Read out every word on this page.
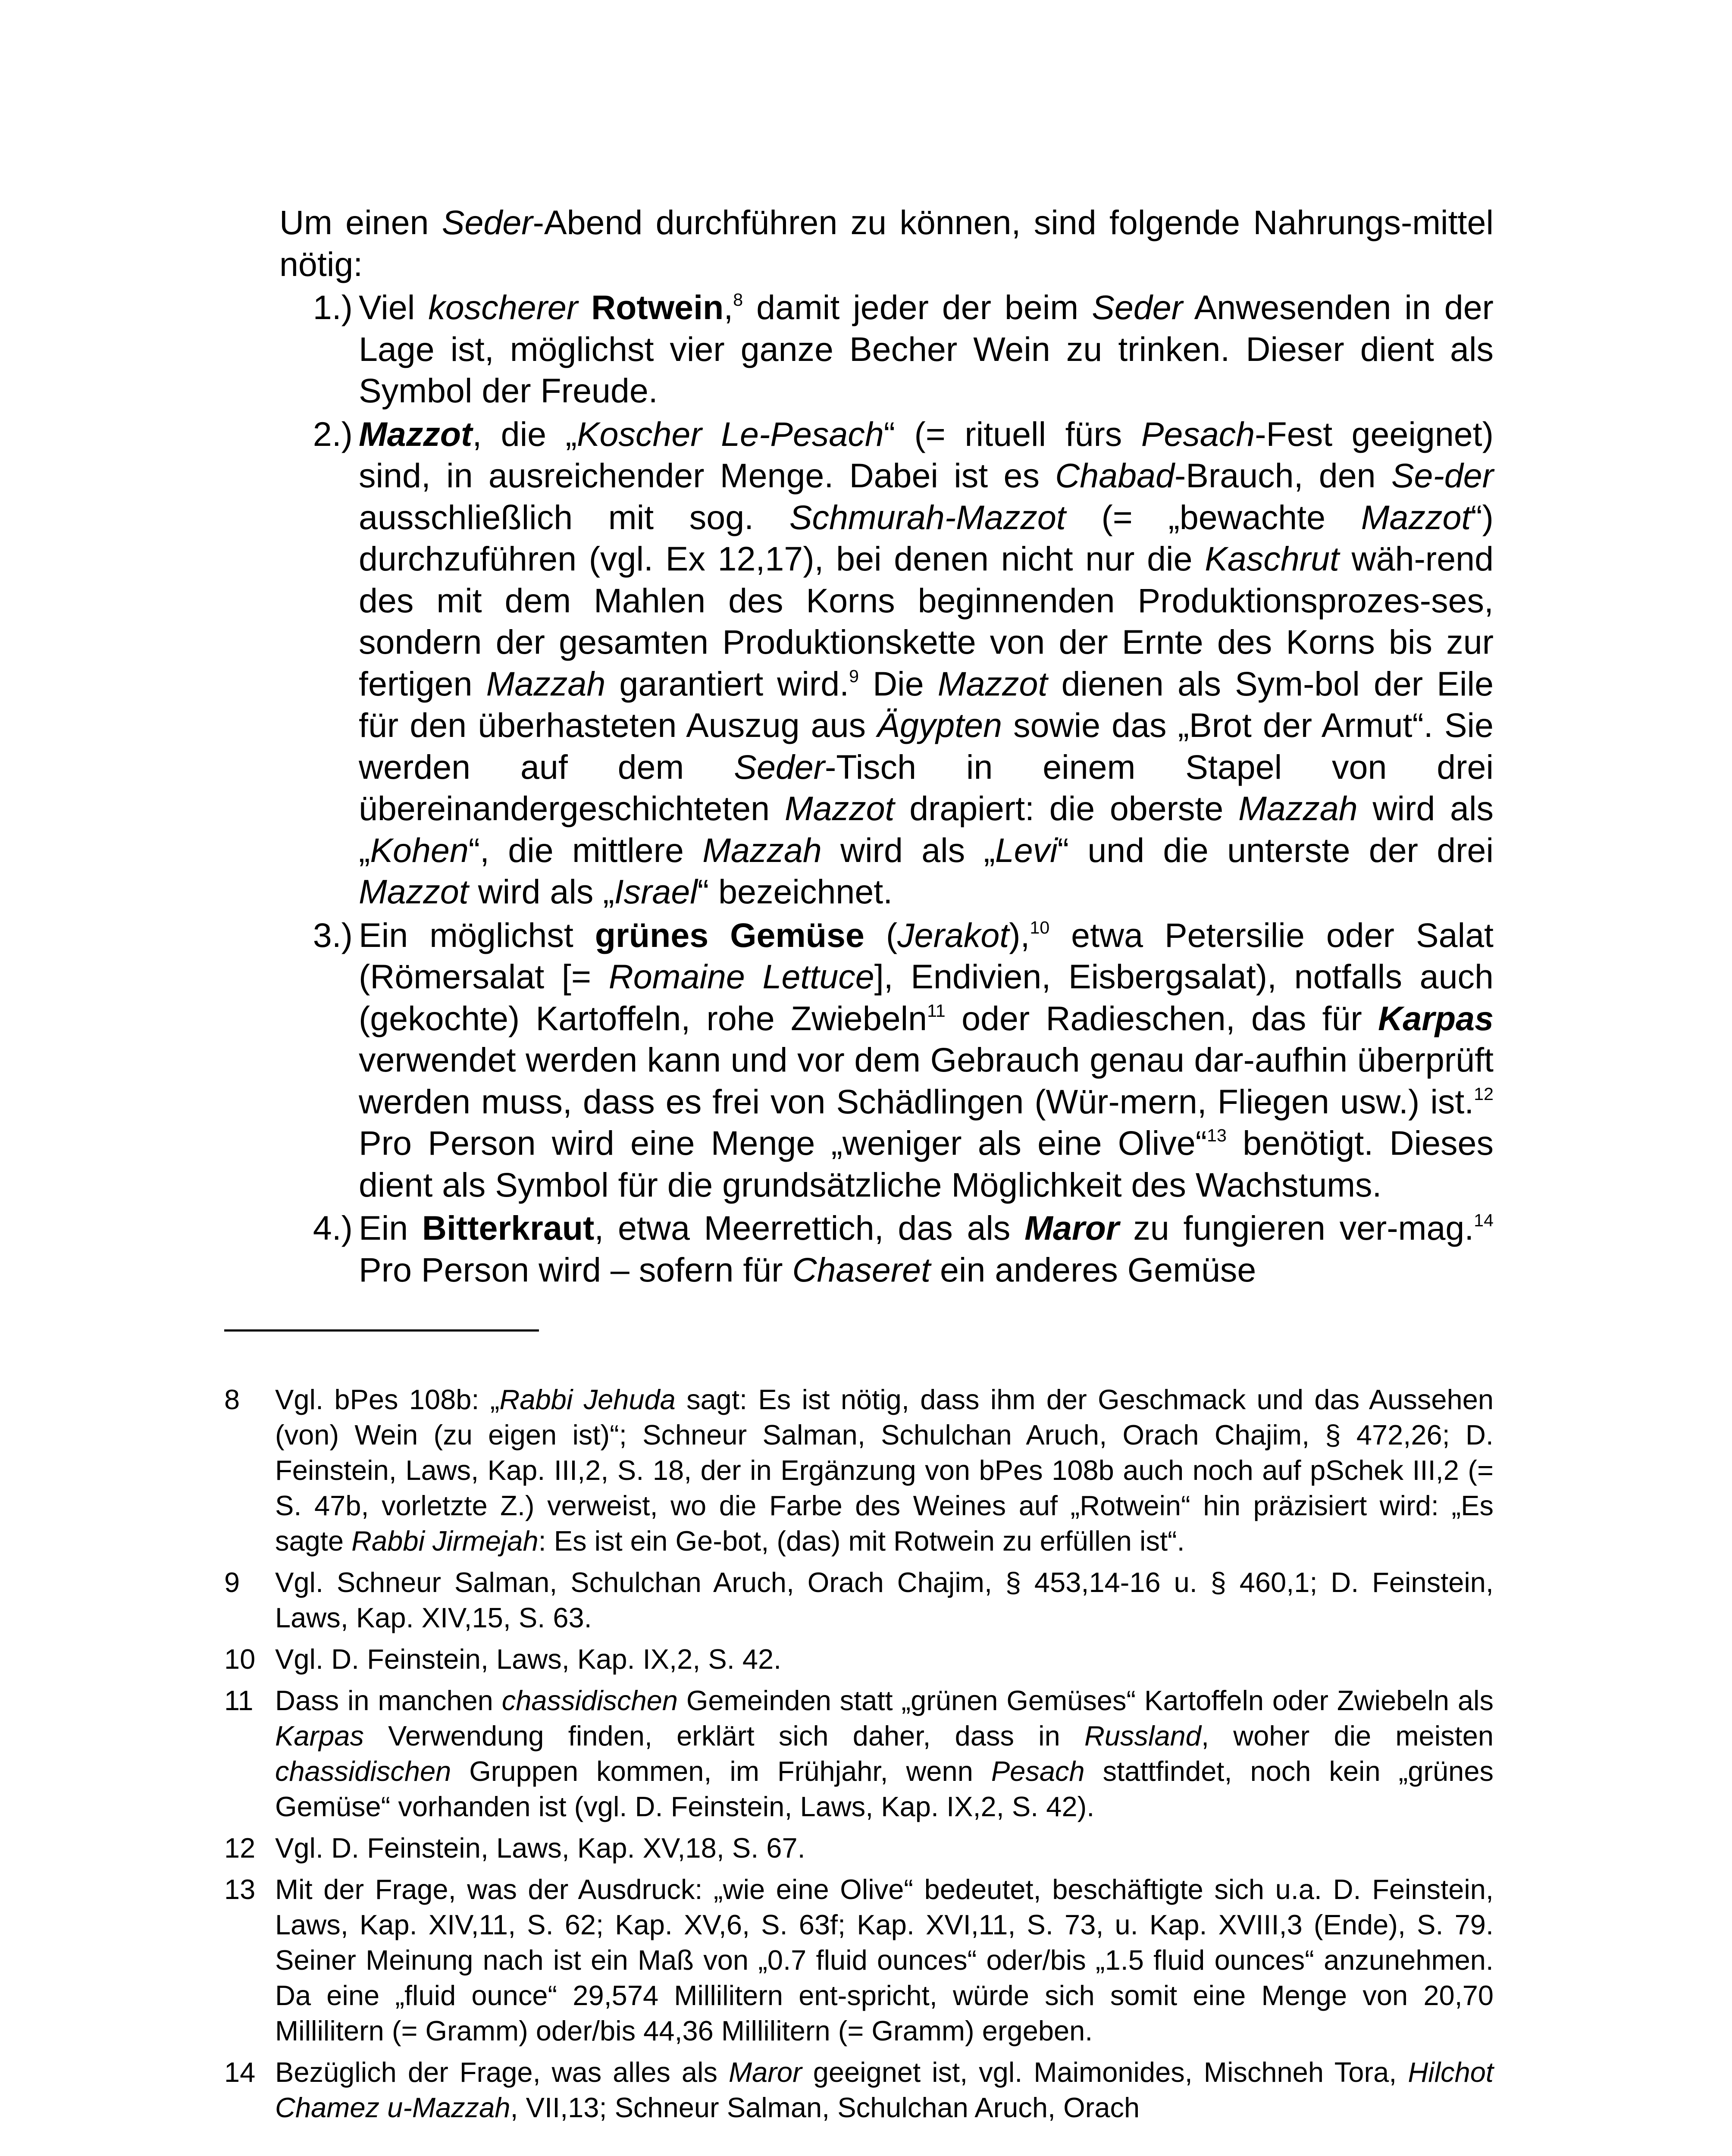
Um einen Seder-Abend durchführen zu können, sind folgende Nahrungs-mittel nötig:

1.) Viel koscherer Rotwein,$^8$ damit jeder der beim Seder Anwesenden in der Lage ist, möglichst vier ganze Becher Wein zu trinken. Dieser dient als Symbol der Freude.
2.) Mazzot, die „Koscher Le-Pesach“ (= rituell fürs Pesach-Fest geeignet) sind, in ausreichender Menge. Dabei ist es Chabad-Brauch, den Se-der ausschließlich mit sog. Schmurah-Mazzot (= „bewachte Mazzot“) durchzuführen (vgl. Ex 12,17), bei denen nicht nur die Kaschrut wäh-rend des mit dem Mahlen des Korns beginnenden Produktionsprozes-ses, sondern der gesamten Produktionskette von der Ernte des Korns bis zur fertigen Mazzah garantiert wird.$^9$ Die Mazzot dienen als Sym-bol der Eile für den überhasteten Auszug aus Ägypten sowie das „Brot der Armut“. Sie werden auf dem Seder-Tisch in einem Stapel von drei übereinandergeschichteten Mazzot drapiert: die oberste Mazzah wird als „Kohen“, die mittlere Mazzah wird als „Levi“ und die unterste der drei Mazzot wird als „Israel“ bezeichnet.
3.) Ein möglichst grünes Gemüse (Jerakot),$^{10}$ etwa Petersilie oder Salat (Römersalat [= Romaine Lettuce], Endivien, Eisbergsalat), notfalls auch (gekochte) Kartoffeln, rohe Zwiebeln$^{11}$ oder Radieschen, das für Karpas verwendet werden kann und vor dem Gebrauch genau dar-aufhin überprüft werden muss, dass es frei von Schädlingen (Wür-mern, Fliegen usw.) ist.$^{12}$ Pro Person wird eine Menge „weniger als eine Olive“$^{13}$ benötigt. Dieses dient als Symbol für die grundsätzliche Möglichkeit des Wachstums.
4.) Ein Bitterkraut, etwa Meerrettich, das als Maror zu fungieren ver-mag.$^{14}$ Pro Person wird – sofern für Chaseret ein anderes Gemüse
8 Vgl. bPes 108b: „Rabbi Jehuda sagt: Es ist nötig, dass ihm der Geschmack und das Aussehen (von) Wein (zu eigen ist)“; Schneur Salman, Schulchan Aruch, Orach Chajim, § 472,26; D. Feinstein, Laws, Kap. III,2, S. 18, der in Ergänzung von bPes 108b auch noch auf pSchek III,2 (= S. 47b, vorletzte Z.) verweist, wo die Farbe des Weines auf „Rotwein“ hin präzisiert wird: „Es sagte Rabbi Jirmejah: Es ist ein Ge-bot, (das) mit Rotwein zu erfüllen ist“.
9 Vgl. Schneur Salman, Schulchan Aruch, Orach Chajim, § 453,14-16 u. § 460,1; D. Feinstein, Laws, Kap. XIV,15, S. 63.
10 Vgl. D. Feinstein, Laws, Kap. IX,2, S. 42.
11 Dass in manchen chassidischen Gemeinden statt „grünen Gemüses“ Kartoffeln oder Zwiebeln als Karpas Verwendung finden, erklärt sich daher, dass in Russland, woher die meisten chassidischen Gruppen kommen, im Frühjahr, wenn Pesach stattfindet, noch kein „grünes Gemüse“ vorhanden ist (vgl. D. Feinstein, Laws, Kap. IX,2, S. 42).
12 Vgl. D. Feinstein, Laws, Kap. XV,18, S. 67.
13 Mit der Frage, was der Ausdruck: „wie eine Olive“ bedeutet, beschäftigte sich u.a. D. Feinstein, Laws, Kap. XIV,11, S. 62; Kap. XV,6, S. 63f; Kap. XVI,11, S. 73, u. Kap. XVIII,3 (Ende), S. 79. Seiner Meinung nach ist ein Maß von „0.7 fluid ounces“ oder/bis „1.5 fluid ounces“ anzunehmen. Da eine „fluid ounce“ 29,574 Millilitern ent-spricht, würde sich somit eine Menge von 20,70 Millilitern (= Gramm) oder/bis 44,36 Millilitern (= Gramm) ergeben.
14 Bezüglich der Frage, was alles als Maror geeignet ist, vgl. Maimonides, Mischneh Tora, Hilchot Chamez u-Mazzah, VII,13; Schneur Salman, Schulchan Aruch, Orach
